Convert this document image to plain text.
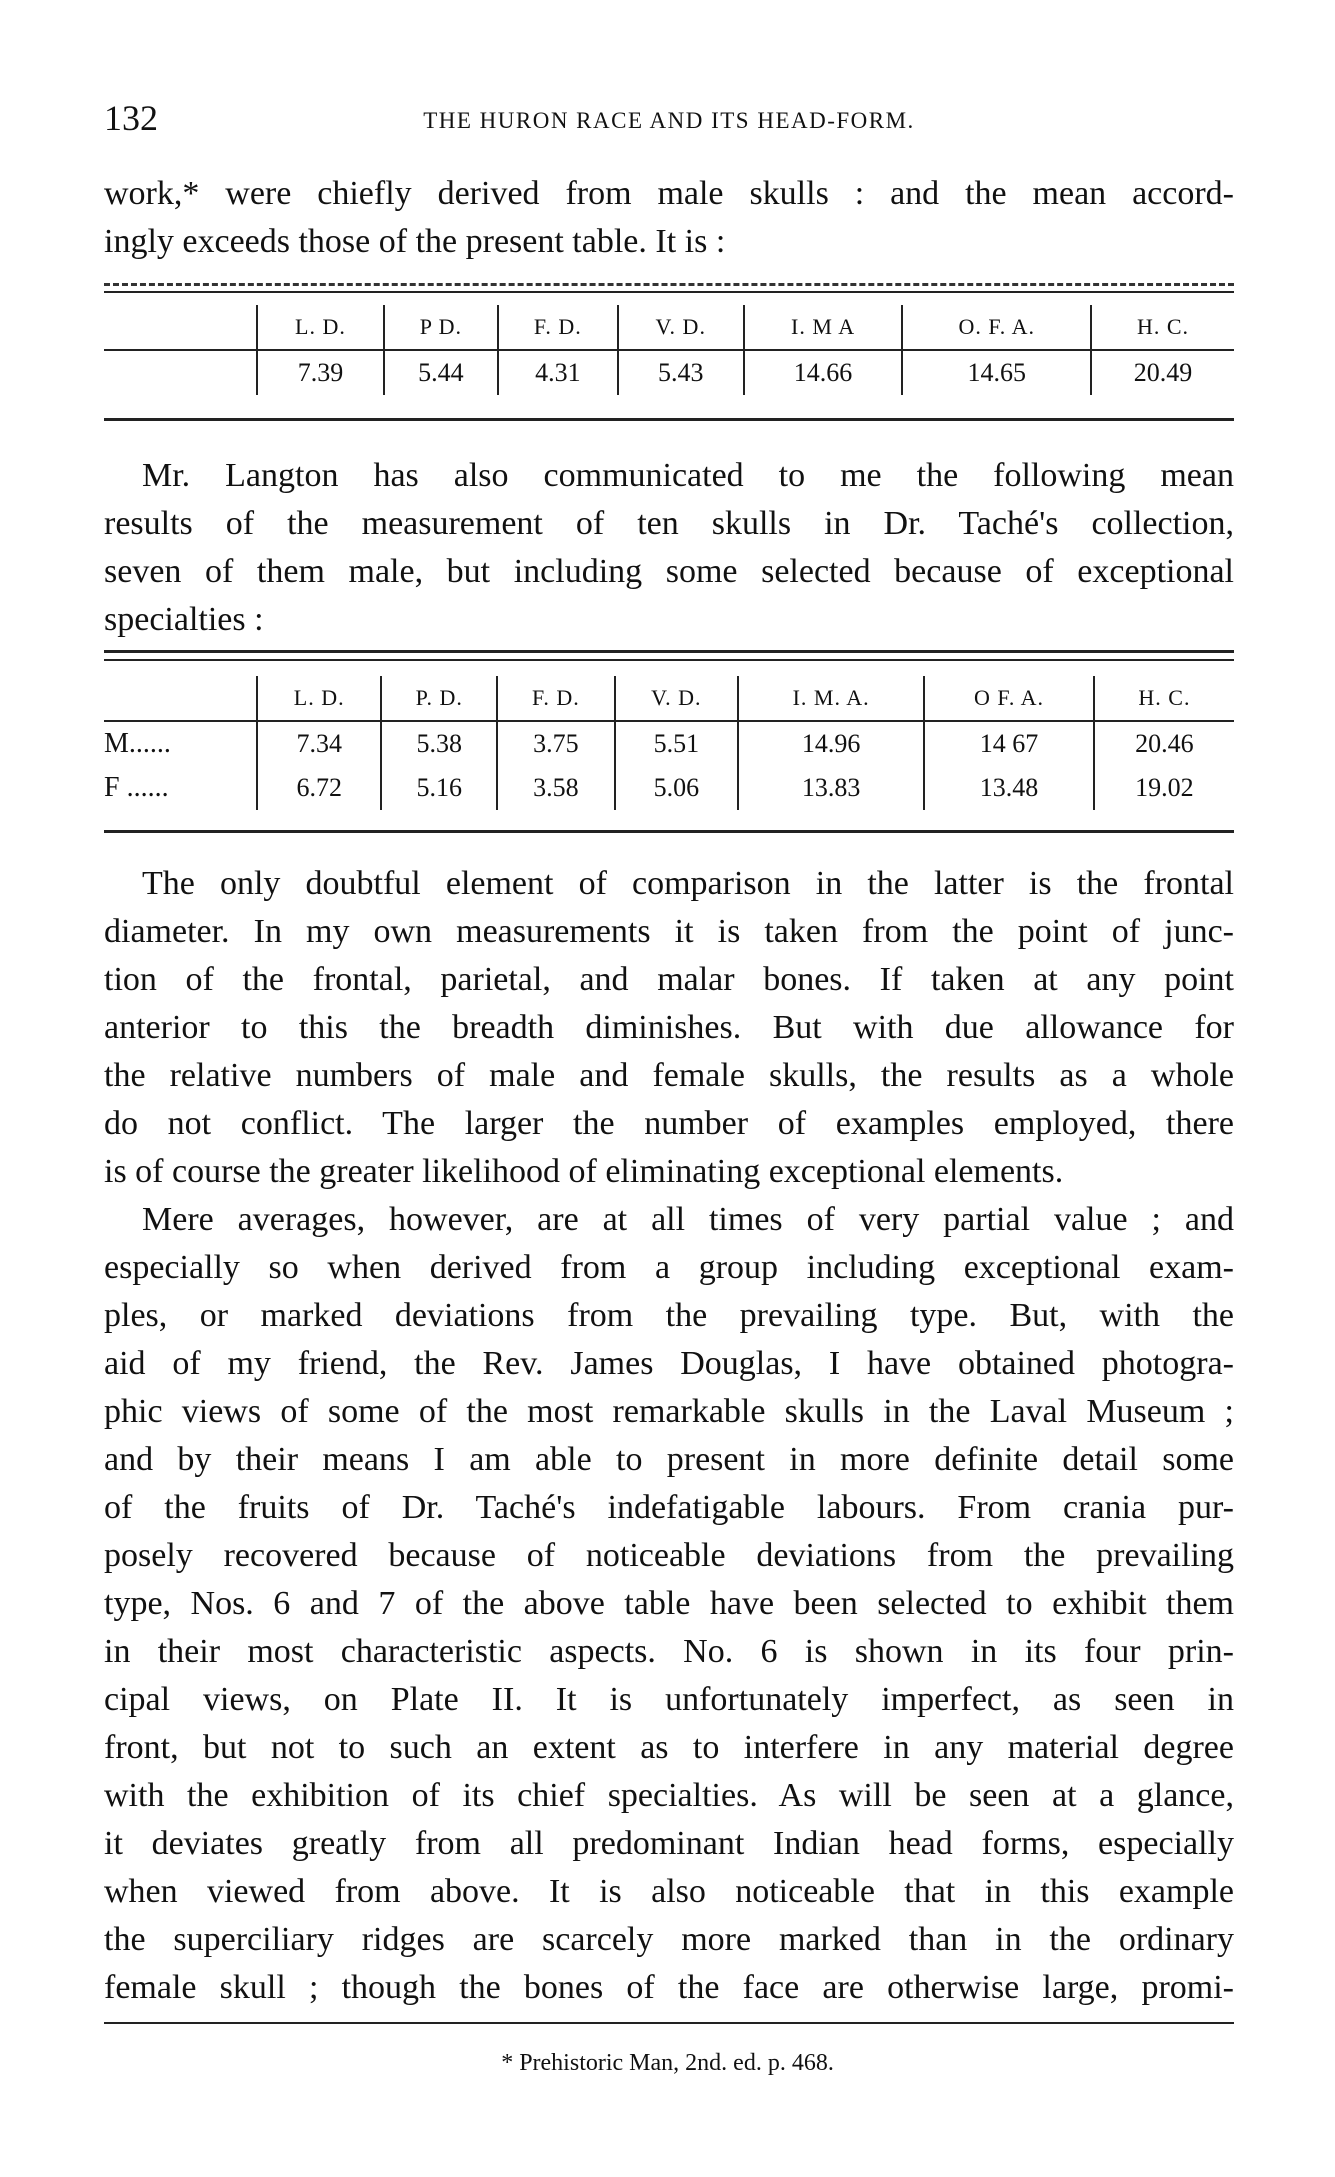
132	THE HURON RACE AND ITS HEAD-FORM.
work,* were chiefly derived from male skulls : and the mean accord-
ingly exceeds those of the present table. It is :
	L. D.	P D.	F. D.	V. D.	I. M A	O. F. A.	H. C.
	7.39	5.44	4.31	5.43	14.66	14.65	20.49
Mr. Langton has also communicated to me the following mean
results of the measurement of ten skulls in Dr. Taché's collection,
seven of them male, but including some selected because of exceptional
specialties :
	L. D.	P. D.	F. D.	V. D.	I. M. A.	O F. A.	H. C.
M......	7.34	5.38	3.75	5.51	14.96	14 67	20.46
F ......	6.72	5.16	3.58	5.06	13.83	13.48	19.02
The only doubtful element of comparison in the latter is the frontal
diameter. In my own measurements it is taken from the point of junc-
tion of the frontal, parietal, and malar bones. If taken at any point
anterior to this the breadth diminishes. But with due allowance for
the relative numbers of male and female skulls, the results as a whole
do not conflict. The larger the number of examples employed, there
is of course the greater likelihood of eliminating exceptional elements.
Mere averages, however, are at all times of very partial value ; and
especially so when derived from a group including exceptional exam-
ples, or marked deviations from the prevailing type. But, with the
aid of my friend, the Rev. James Douglas, I have obtained photogra-
phic views of some of the most remarkable skulls in the Laval Museum ;
and by their means I am able to present in more definite detail some
of the fruits of Dr. Taché's indefatigable labours. From crania pur-
posely recovered because of noticeable deviations from the prevailing
type, Nos. 6 and 7 of the above table have been selected to exhibit them
in their most characteristic aspects. No. 6 is shown in its four prin-
cipal views, on Plate II. It is unfortunately imperfect, as seen in
front, but not to such an extent as to interfere in any material degree
with the exhibition of its chief specialties. As will be seen at a glance,
it deviates greatly from all predominant Indian head forms, especially
when viewed from above. It is also noticeable that in this example
the superciliary ridges are scarcely more marked than in the ordinary
female skull ; though the bones of the face are otherwise large, promi-
* Prehistoric Man, 2nd. ed. p. 468.
